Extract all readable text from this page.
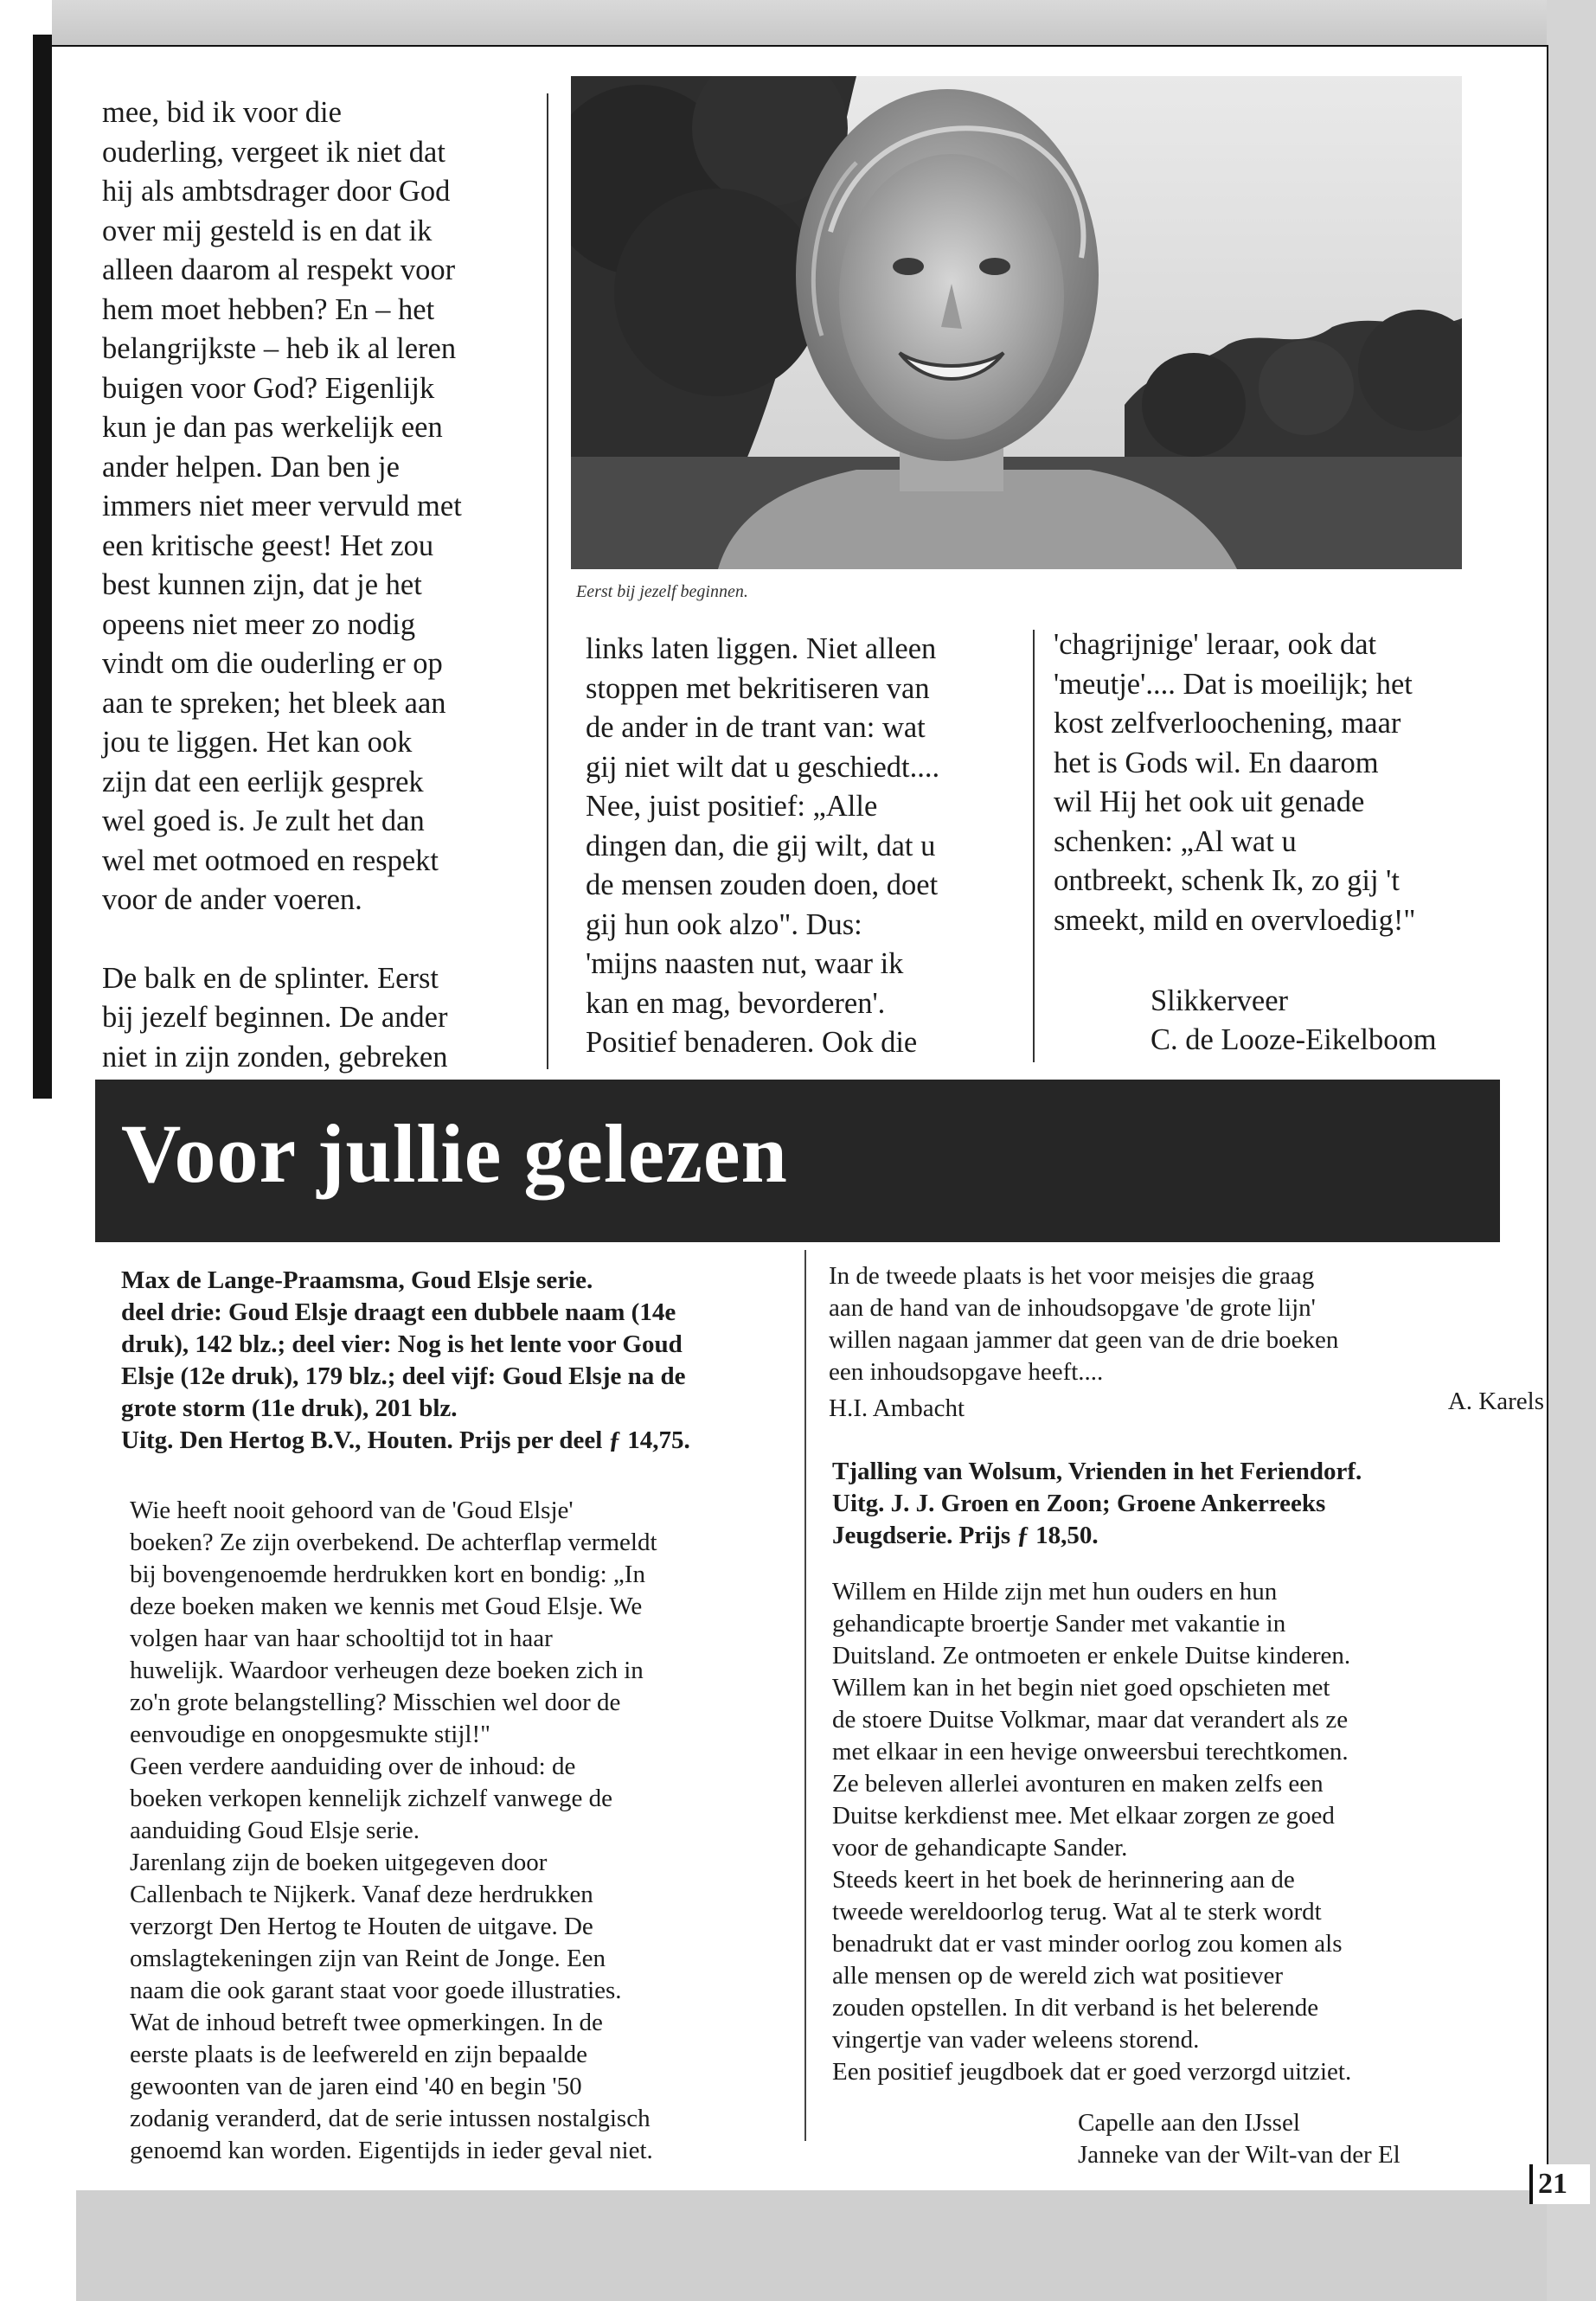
mee, bid ik voor die

ouderling, vergeet ik niet dat

hij als ambtsdrager door God

over mij gesteld is en dat ik

alleen daarom al respekt voor

hem moet hebben? En – het

belangrijkste – heb ik al leren

buigen voor God? Eigenlijk

kun je dan pas werkelijk een

ander helpen. Dan ben je

immers niet meer vervuld met

een kritische geest! Het zou

best kunnen zijn, dat je het

opeens niet meer zo nodig

vindt om die ouderling er op

aan te spreken; het bleek aan

jou te liggen. Het kan ook

zijn dat een eerlijk gesprek

wel goed is. Je zult het dan

wel met ootmoed en respekt

voor de ander voeren.

De balk en de splinter. Eerst

bij jezelf beginnen. De ander

niet in zijn zonden, gebreken

Eerst bij jezelf beginnen.

links laten liggen. Niet alleen

stoppen met bekritiseren van

de ander in de trant van: wat

gij niet wilt dat u geschiedt....

Nee, juist positief: „Alle

dingen dan, die gij wilt, dat u

de mensen zouden doen, doet

gij hun ook alzo". Dus:

'mijns naasten nut, waar ik

kan en mag, bevorderen'.

Positief benaderen. Ook die

'chagrijnige' leraar, ook dat

'meutje'.... Dat is moeilijk; het

kost zelfverloochening, maar

het is Gods wil. En daarom

wil Hij het ook uit genade

schenken: „Al wat u

ontbreekt, schenk Ik, zo gij 't

smeekt, mild en overvloedig!"

Slikkerveer
C. de Looze-Eikelboom
Voor jullie gelezen

Max de Lange-Praamsma, Goud Elsje serie.

deel drie: Goud Elsje draagt een dubbele naam (14e

druk), 142 blz.; deel vier: Nog is het lente voor Goud

Elsje (12e druk), 179 blz.; deel vijf: Goud Elsje na de

grote storm (11e druk), 201 blz.

Uitg. Den Hertog B.V., Houten. Prijs per deel ƒ 14,75.

Wie heeft nooit gehoord van de 'Goud Elsje'

boeken? Ze zijn overbekend. De achterflap vermeldt

bij bovengenoemde herdrukken kort en bondig: „In

deze boeken maken we kennis met Goud Elsje. We

volgen haar van haar schooltijd tot in haar

huwelijk. Waardoor verheugen deze boeken zich in

zo'n grote belangstelling? Misschien wel door de

eenvoudige en onopgesmukte stijl!"

Geen verdere aanduiding over de inhoud: de

boeken verkopen kennelijk zichzelf vanwege de

aanduiding Goud Elsje serie.

Jarenlang zijn de boeken uitgegeven door

Callenbach te Nijkerk. Vanaf deze herdrukken

verzorgt Den Hertog te Houten de uitgave. De

omslagtekeningen zijn van Reint de Jonge. Een

naam die ook garant staat voor goede illustraties.

Wat de inhoud betreft twee opmerkingen. In de

eerste plaats is de leefwereld en zijn bepaalde

gewoonten van de jaren eind '40 en begin '50

zodanig veranderd, dat de serie intussen nostalgisch

genoemd kan worden. Eigentijds in ieder geval niet.

In de tweede plaats is het voor meisjes die graag

aan de hand van de inhoudsopgave 'de grote lijn'

willen nagaan jammer dat geen van de drie boeken

een inhoudsopgave heeft....

H.I. Ambacht	A. Karels

Tjalling van Wolsum, Vrienden in het Feriendorf.

Uitg. J. J. Groen en Zoon; Groene Ankerreeks

Jeugdserie. Prijs ƒ 18,50.

Willem en Hilde zijn met hun ouders en hun

gehandicapte broertje Sander met vakantie in

Duitsland. Ze ontmoeten er enkele Duitse kinderen.

Willem kan in het begin niet goed opschieten met

de stoere Duitse Volkmar, maar dat verandert als ze

met elkaar in een hevige onweersbui terechtkomen.

Ze beleven allerlei avonturen en maken zelfs een

Duitse kerkdienst mee. Met elkaar zorgen ze goed

voor de gehandicapte Sander.

Steeds keert in het boek de herinnering aan de

tweede wereldoorlog terug. Wat al te sterk wordt

benadrukt dat er vast minder oorlog zou komen als

alle mensen op de wereld zich wat positiever

zouden opstellen. In dit verband is het belerende

vingertje van vader weleens storend.

Een positief jeugdboek dat er goed verzorgd uitziet.

Capelle aan den IJssel
Janneke van der Wilt-van der El
21
